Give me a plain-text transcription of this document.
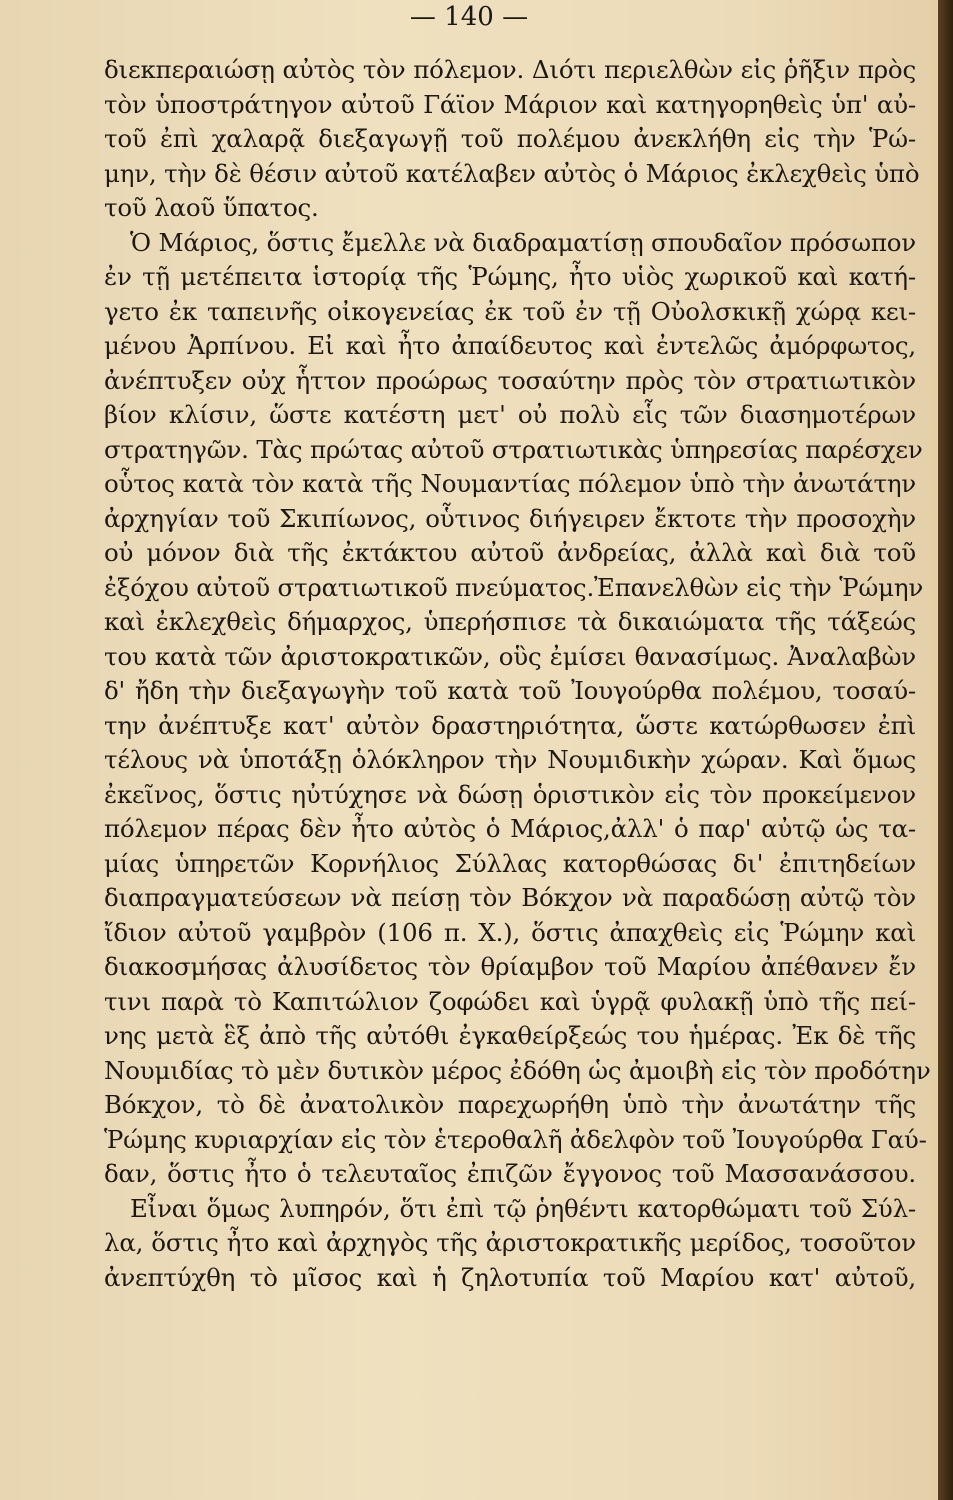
— 140 —
διεκπεραιώσῃ αὐτὸς τὸν πόλεμον. Διότι περιελθὼν εἰς ῥῆξιν πρὸς
τὸν ὑποστράτηγον αὐτοῦ Γάϊον Μάριον καὶ κατηγορηθεὶς ὑπ' αὐ-
τοῦ ἐπὶ χαλαρᾷ διεξαγωγῇ τοῦ πολέμου ἀνεκλήθη εἰς τὴν Ῥώ-
μην, τὴν δὲ θέσιν αὐτοῦ κατέλαβεν αὐτὸς ὁ Μάριος ἐκλεχθεὶς ὑπὸ
τοῦ λαοῦ ὕπατος.
Ὁ Μάριος, ὅστις ἔμελλε νὰ διαδραματίσῃ σπουδαῖον πρόσωπον
ἐν τῇ μετέπειτα ἱστορίᾳ τῆς Ῥώμης, ἦτο υἱὸς χωρικοῦ καὶ κατή-
γετο ἐκ ταπεινῆς οἰκογενείας ἐκ τοῦ ἐν τῇ Οὐολσκικῇ χώρᾳ κει-
μένου Ἀρπίνου. Εἰ καὶ ἦτο ἀπαίδευτος καὶ ἐντελῶς ἀμόρφωτος,
ἀνέπτυξεν οὐχ ἧττον προώρως τοσαύτην πρὸς τὸν στρατιωτικὸν
βίον κλίσιν, ὥστε κατέστη μετ' οὐ πολὺ εἷς τῶν διασημοτέρων
στρατηγῶν. Τὰς πρώτας αὐτοῦ στρατιωτικὰς ὑπηρεσίας παρέσχεν
οὗτος κατὰ τὸν κατὰ τῆς Νουμαντίας πόλεμον ὑπὸ τὴν ἀνωτάτην
ἀρχηγίαν τοῦ Σκιπίωνος, οὗτινος διήγειρεν ἔκτοτε τὴν προσοχὴν
οὐ μόνον διὰ τῆς ἐκτάκτου αὐτοῦ ἀνδρείας, ἀλλὰ καὶ διὰ τοῦ
ἐξόχου αὐτοῦ στρατιωτικοῦ πνεύματος.Ἐπανελθὼν εἰς τὴν Ῥώμην
καὶ ἐκλεχθεὶς δήμαρχος, ὑπερήσπισε τὰ δικαιώματα τῆς τάξεώς
του κατὰ τῶν ἀριστοκρατικῶν, οὓς ἐμίσει θανασίμως. Ἀναλαβὼν
δ' ἤδη τὴν διεξαγωγὴν τοῦ κατὰ τοῦ Ἰουγούρθα πολέμου, τοσαύ-
την ἀνέπτυξε κατ' αὐτὸν δραστηριότητα, ὥστε κατώρθωσεν ἐπὶ
τέλους νὰ ὑποτάξῃ ὁλόκληρον τὴν Νουμιδικὴν χώραν. Καὶ ὅμως
ἐκεῖνος, ὅστις ηὐτύχησε νὰ δώσῃ ὁριστικὸν εἰς τὸν προκείμενον
πόλεμον πέρας δὲν ἦτο αὐτὸς ὁ Μάριος,ἀλλ' ὁ παρ' αὐτῷ ὡς τα-
μίας ὑπηρετῶν Κορνήλιος Σύλλας κατορθώσας δι' ἐπιτηδείων
διαπραγματεύσεων νὰ πείσῃ τὸν Βόκχον νὰ παραδώσῃ αὐτῷ τὸν
ἴδιον αὐτοῦ γαμβρὸν (106 π. Χ.), ὅστις ἀπαχθεὶς εἰς Ῥώμην καὶ
διακοσμήσας ἀλυσίδετος τὸν θρίαμβον τοῦ Μαρίου ἀπέθανεν ἔν
τινι παρὰ τὸ Καπιτώλιον ζοφώδει καὶ ὑγρᾷ φυλακῇ ὑπὸ τῆς πεί-
νης μετὰ ἓξ ἀπὸ τῆς αὐτόθι ἐγκαθείρξεώς του ἡμέρας. Ἐκ δὲ τῆς
Νουμιδίας τὸ μὲν δυτικὸν μέρος ἐδόθη ὡς ἀμοιβὴ εἰς τὸν προδότην
Βόκχον, τὸ δὲ ἀνατολικὸν παρεχωρήθη ὑπὸ τὴν ἀνωτάτην τῆς
Ῥώμης κυριαρχίαν εἰς τὸν ἑτεροθαλῆ ἀδελφὸν τοῦ Ἰουγούρθα Γαύ-
δαν, ὅστις ἦτο ὁ τελευταῖος ἐπιζῶν ἔγγονος τοῦ Μασσανάσσου.
Εἶναι ὅμως λυπηρόν, ὅτι ἐπὶ τῷ ῥηθέντι κατορθώματι τοῦ Σύλ-
λα, ὅστις ἦτο καὶ ἀρχηγὸς τῆς ἀριστοκρατικῆς μερίδος, τοσοῦτον
ἀνεπτύχθη τὸ μῖσος καὶ ἡ ζηλοτυπία τοῦ Μαρίου κατ' αὐτοῦ,
